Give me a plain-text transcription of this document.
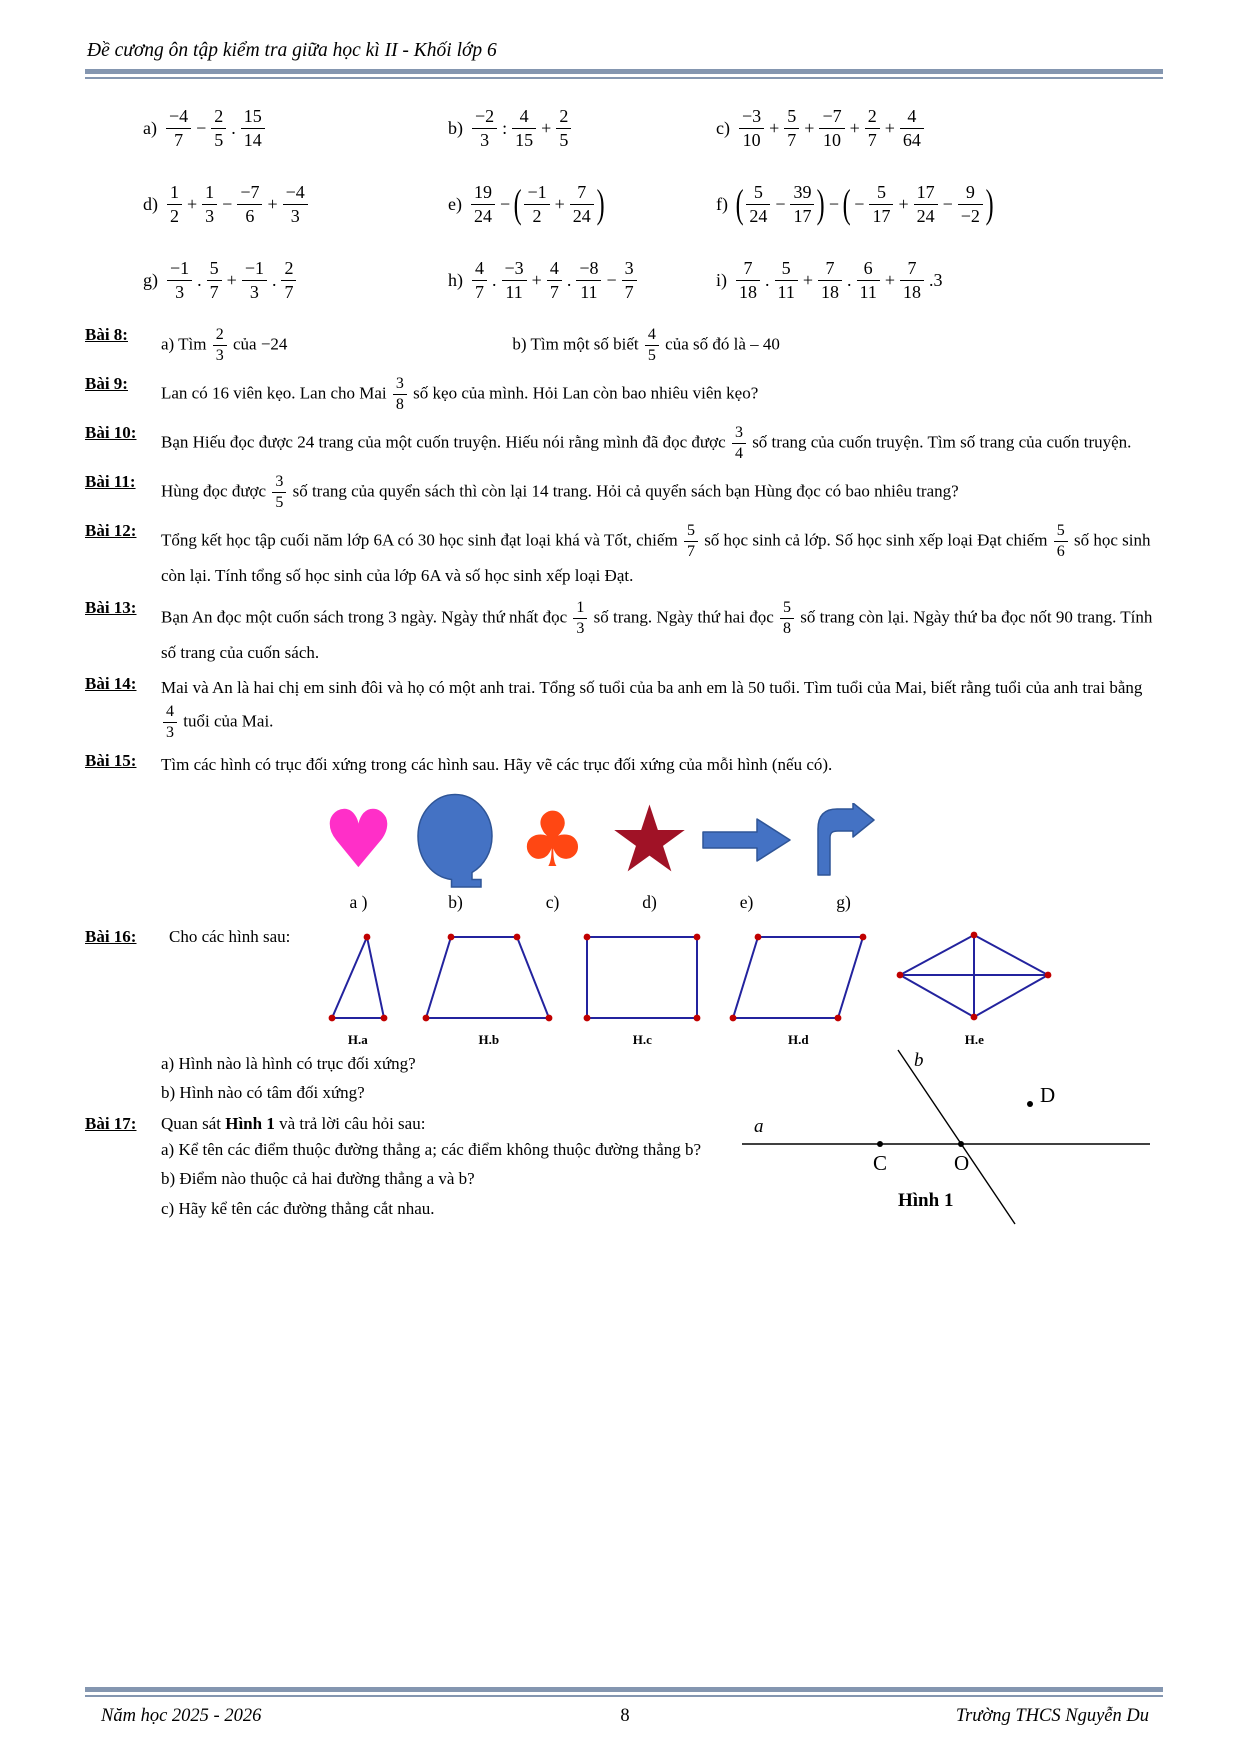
Đề cương ôn tập kiểm tra giữa học kì II - Khối lớp 6
$a) \frac{-4}{7} - \frac{2}{5}$ . $\frac{15}{14}$	$b) \frac{-2}{3}$ : $\frac{4}{15} + \frac{2}{5}$	$c) \frac{-3}{10} + \frac{5}{7} + \frac{-7}{10} + \frac{2}{7} + \frac{4}{64}$
$d) \frac{1}{2} + \frac{1}{3} - \frac{-7}{6} + \frac{-4}{3}$	$e) \frac{19}{24}$ − ( $\frac{-1}{2} + \frac{7}{24}$ )	f) ( $\frac{5}{24} - \frac{39}{17}$ ) − ( − $\frac{5}{17} + \frac{17}{24} - \frac{9}{-2}$ )
$g) \frac{-1}{3}$ . $\frac{5}{7} + \frac{-1}{3}$ . $\frac{2}{7}$	$h) \frac{4}{7}$ . $\frac{-3}{11} + \frac{4}{7}$ . $\frac{-8}{11} - \frac{3}{7}$	$i) \frac{7}{18}$ . $\frac{5}{11} + \frac{7}{18}$ . $\frac{6}{11} + \frac{7}{18} .3$
Bài 8:	a) Tìm $\frac{2}{3}$ của −24	b) Tìm một số biết $\frac{4}{5}$ của số đó là – 40
Bài 9:	Lan có 16 viên kẹo. Lan cho Mai $\frac{3}{8}$ số kẹo của mình. Hỏi Lan còn bao nhiêu viên kẹo?
Bài 10:	Bạn Hiếu đọc được 24 trang của một cuốn truyện. Hiếu nói rằng mình đã đọc được $\frac{3}{4}$ số trang của cuốn truyện. Tìm số trang của cuốn truyện.
Bài 11:	Hùng đọc được $\frac{3}{5}$ số trang của quyển sách thì còn lại 14 trang. Hỏi cả quyển sách bạn Hùng đọc có bao nhiêu trang?
Bài 12:	Tổng kết học tập cuối năm lớp 6A có 30 học sinh đạt loại khá và Tốt, chiếm $\frac{5}{7}$ số học sinh cả lớp. Số học sinh xếp loại Đạt chiếm $\frac{5}{6}$ số học sinh còn lại. Tính tổng số học sinh của lớp 6A và số học sinh xếp loại Đạt.
Bài 13:	Bạn An đọc một cuốn sách trong 3 ngày. Ngày thứ nhất đọc $\frac{1}{3}$ số trang. Ngày thứ hai đọc $\frac{5}{8}$ số trang còn lại. Ngày thứ ba đọc nốt 90 trang. Tính số trang của cuốn sách.
Bài 14:	Mai và An là hai chị em sinh đôi và họ có một anh trai. Tổng số tuổi của ba anh em là 50 tuổi. Tìm tuổi của Mai, biết rằng tuổi của anh trai bằng
$\frac{4}{3}$ tuổi của Mai.
Bài 15:	Tìm các hình có trục đối xứng trong các hình sau. Hãy vẽ các trục đối xứng của mỗi hình (nếu có).
♥ ♣ ★
a )	b)	c)	d)	e)	g)
Bài 16:	Cho các hình sau:
H.a	H.b	H.c	H.d	H.e
a) Hình nào là hình có trục đối xứng?
b) Hình nào có tâm đối xứng?
Bài 17:	Quan sát Hình 1 và trả lời câu hỏi sau:
a) Kể tên các điểm thuộc đường thẳng a; các điểm không thuộc đường thẳng b?
b) Điểm nào thuộc cả hai đường thẳng a và b?
c) Hãy kể tên các đường thẳng cắt nhau.
a
b
C	O
D
Hình 1
Năm học 2025 - 2026	8	Trường THCS Nguyễn Du
